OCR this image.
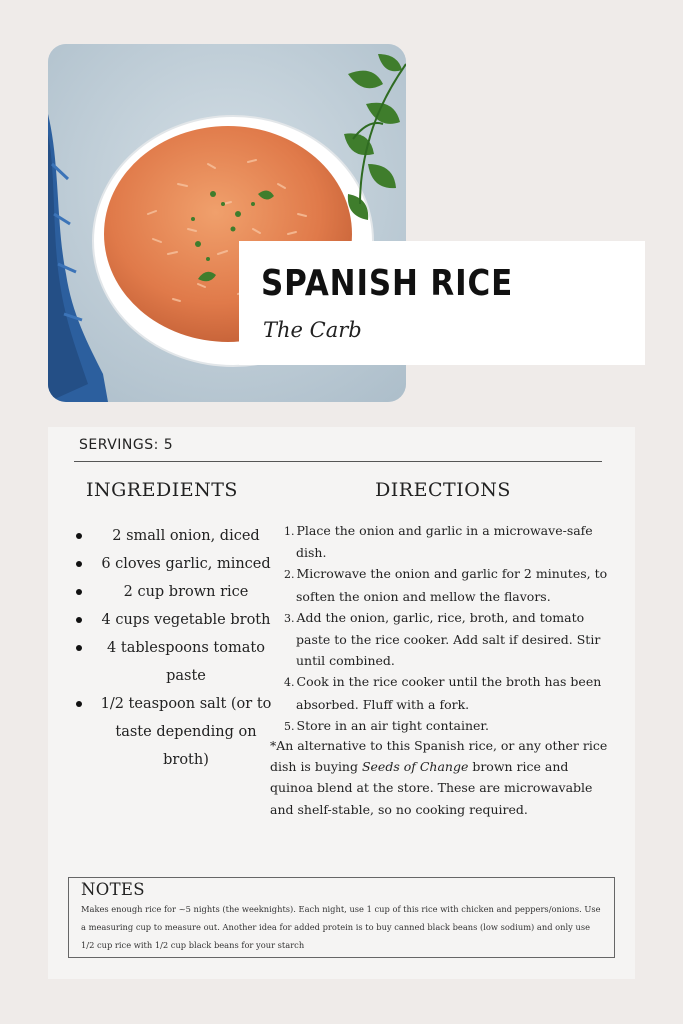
SPANISH RICE
The Carb
SERVINGS: 5
INGREDIENTS	DIRECTIONS
2 small onion, diced
6 cloves garlic, minced
2 cup brown rice
4 cups vegetable broth
4 tablespoons tomato paste
1/2 teaspoon salt (or to taste depending on broth)
1. Place the onion and garlic in a microwave-safe dish.
2. Microwave the onion and garlic for 2 minutes, to soften the onion and mellow the flavors.
3. Add the onion, garlic, rice, broth, and tomato paste to the rice cooker. Add salt if desired. Stir until combined.
4. Cook in the rice cooker until the broth has been absorbed. Fluff with a fork.
5. Store in an air tight container.

*An alternative to this Spanish rice, or any other rice dish is buying Seeds of Change brown rice and quinoa blend at the store. These are microwavable and shelf-stable, so no cooking required.

NOTES
Makes enough rice for ~5 nights (the weeknights). Each night, use 1 cup of this rice with chicken and peppers/onions. Use a measuring cup to measure out. Another idea for added protein is to buy canned black beans (low sodium) and only use 1/2 cup rice with 1/2 cup black beans for your starch
